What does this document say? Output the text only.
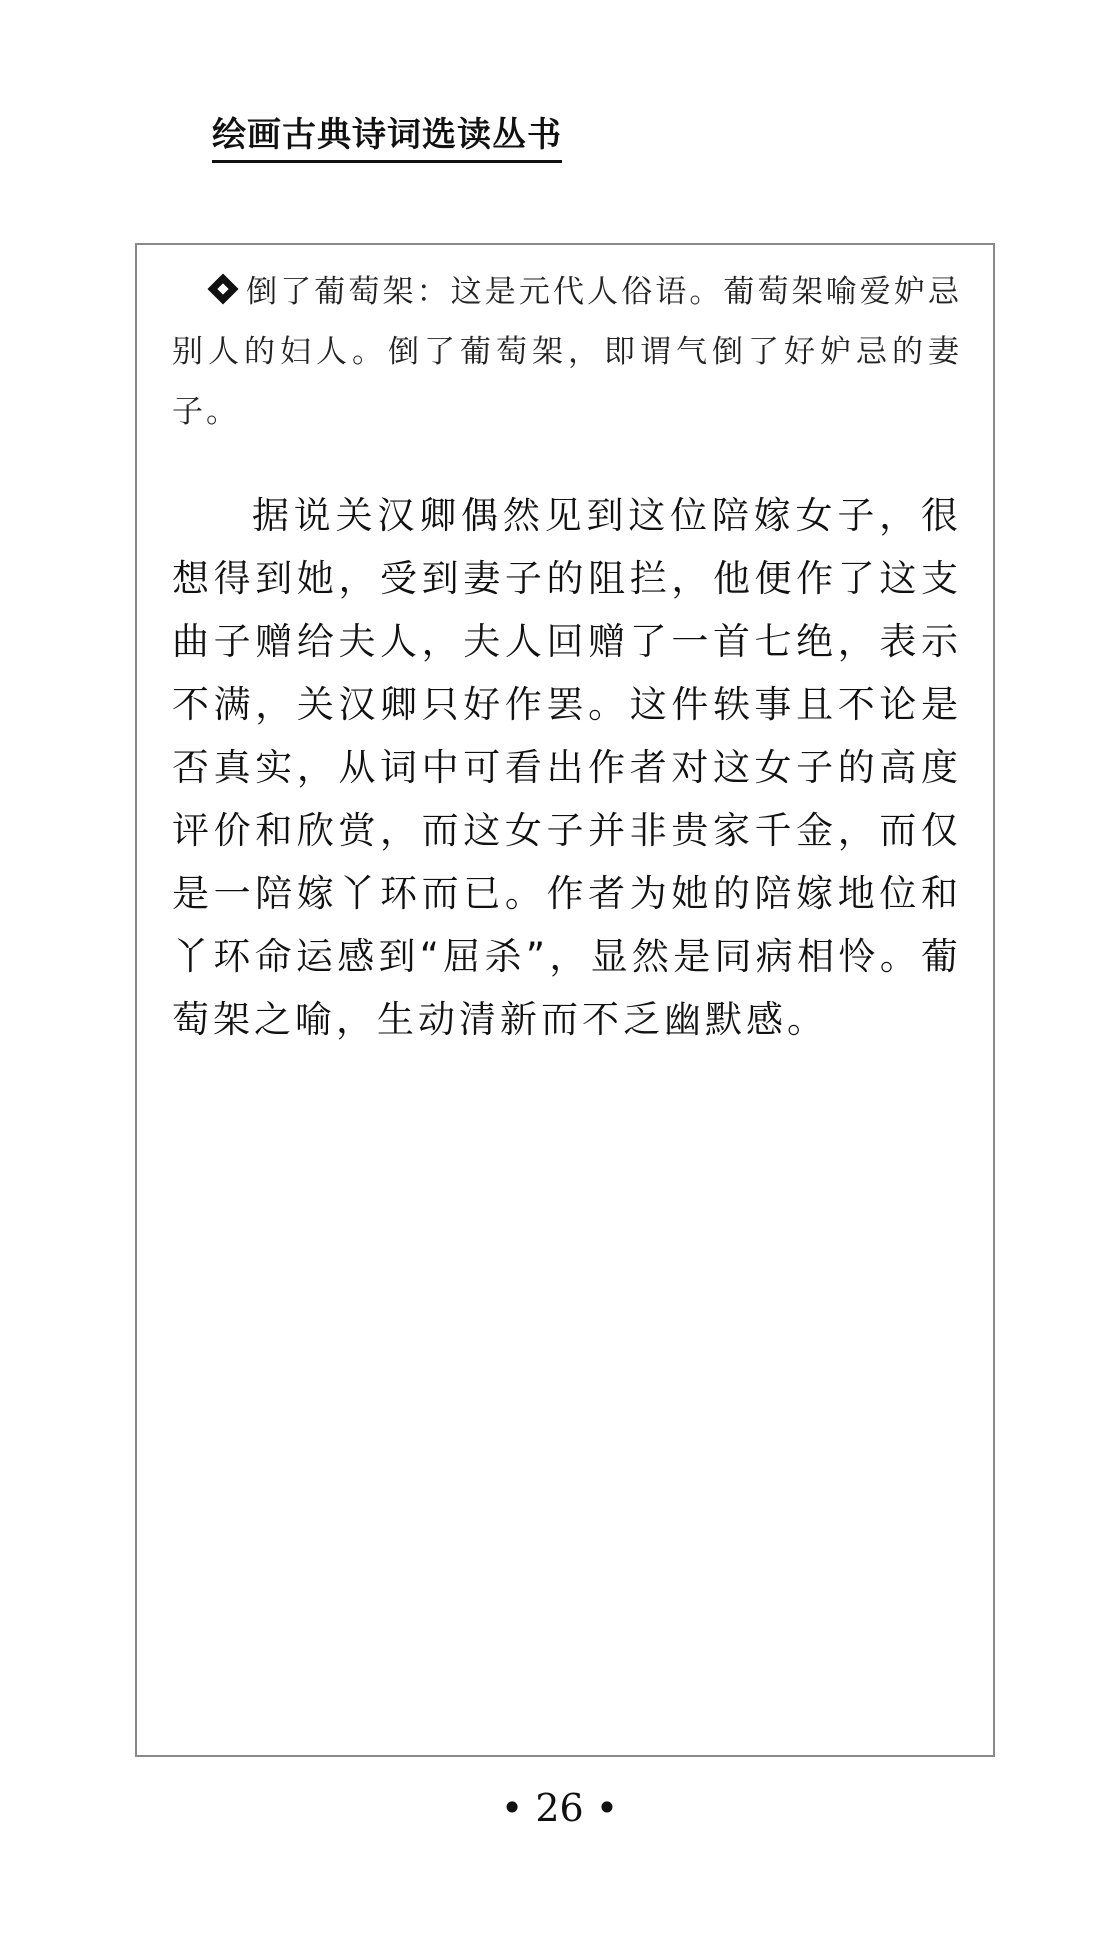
绘画古典诗词选读丛书
倒了葡萄架：这是元代人俗语。葡萄架喻爱妒忌别人的妇人。倒了葡萄架，即谓气倒了好妒忌的妻子。
据说关汉卿偶然见到这位陪嫁女子，很想得到她，受到妻子的阻拦，他便作了这支曲子赠给夫人，夫人回赠了一首七绝，表示不满，关汉卿只好作罢。这件轶事且不论是否真实，从词中可看出作者对这女子的高度评价和欣赏，而这女子并非贵家千金，而仅是一陪嫁丫环而已。作者为她的陪嫁地位和丫环命运感到“屈杀”，显然是同病相怜。葡萄架之喻，生动清新而不乏幽默感。
• 26 •
